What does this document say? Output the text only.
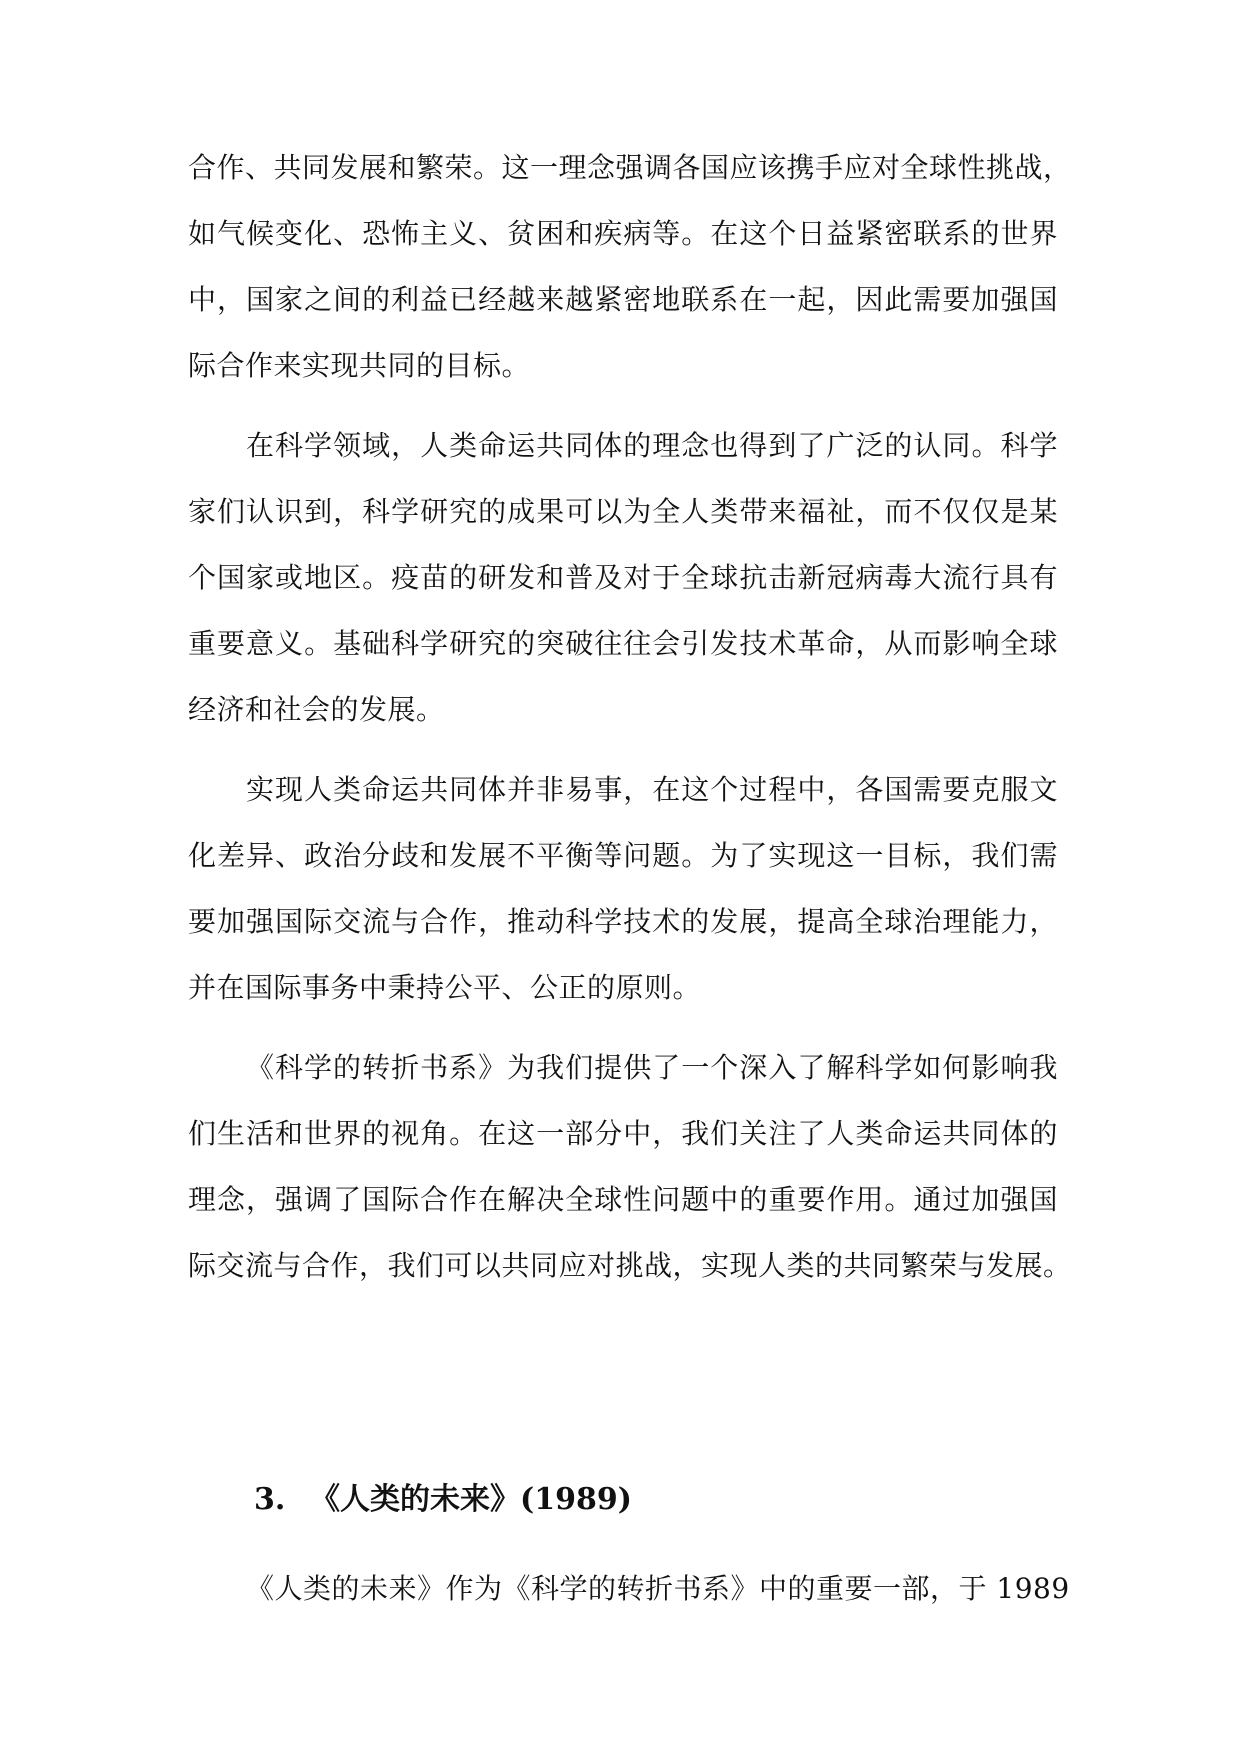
合作、共同发展和繁荣。这一理念强调各国应该携手应对全球性挑战，
如气候变化、恐怖主义、贫困和疾病等。在这个日益紧密联系的世界
中，国家之间的利益已经越来越紧密地联系在一起，因此需要加强国
际合作来实现共同的目标。
在科学领域，人类命运共同体的理念也得到了广泛的认同。科学
家们认识到，科学研究的成果可以为全人类带来福祉，而不仅仅是某
个国家或地区。疫苗的研发和普及对于全球抗击新冠病毒大流行具有
重要意义。基础科学研究的突破往往会引发技术革命，从而影响全球
经济和社会的发展。
实现人类命运共同体并非易事，在这个过程中，各国需要克服文
化差异、政治分歧和发展不平衡等问题。为了实现这一目标，我们需
要加强国际交流与合作，推动科学技术的发展，提高全球治理能力，
并在国际事务中秉持公平、公正的原则。
《科学的转折书系》为我们提供了一个深入了解科学如何影响我
们生活和世界的视角。在这一部分中，我们关注了人类命运共同体的
理念，强调了国际合作在解决全球性问题中的重要作用。通过加强国
际交流与合作，我们可以共同应对挑战，实现人类的共同繁荣与发展。
3. 《人类的未来》(1989)
《人类的未来》作为《科学的转折书系》中的重要一部，于 1989
